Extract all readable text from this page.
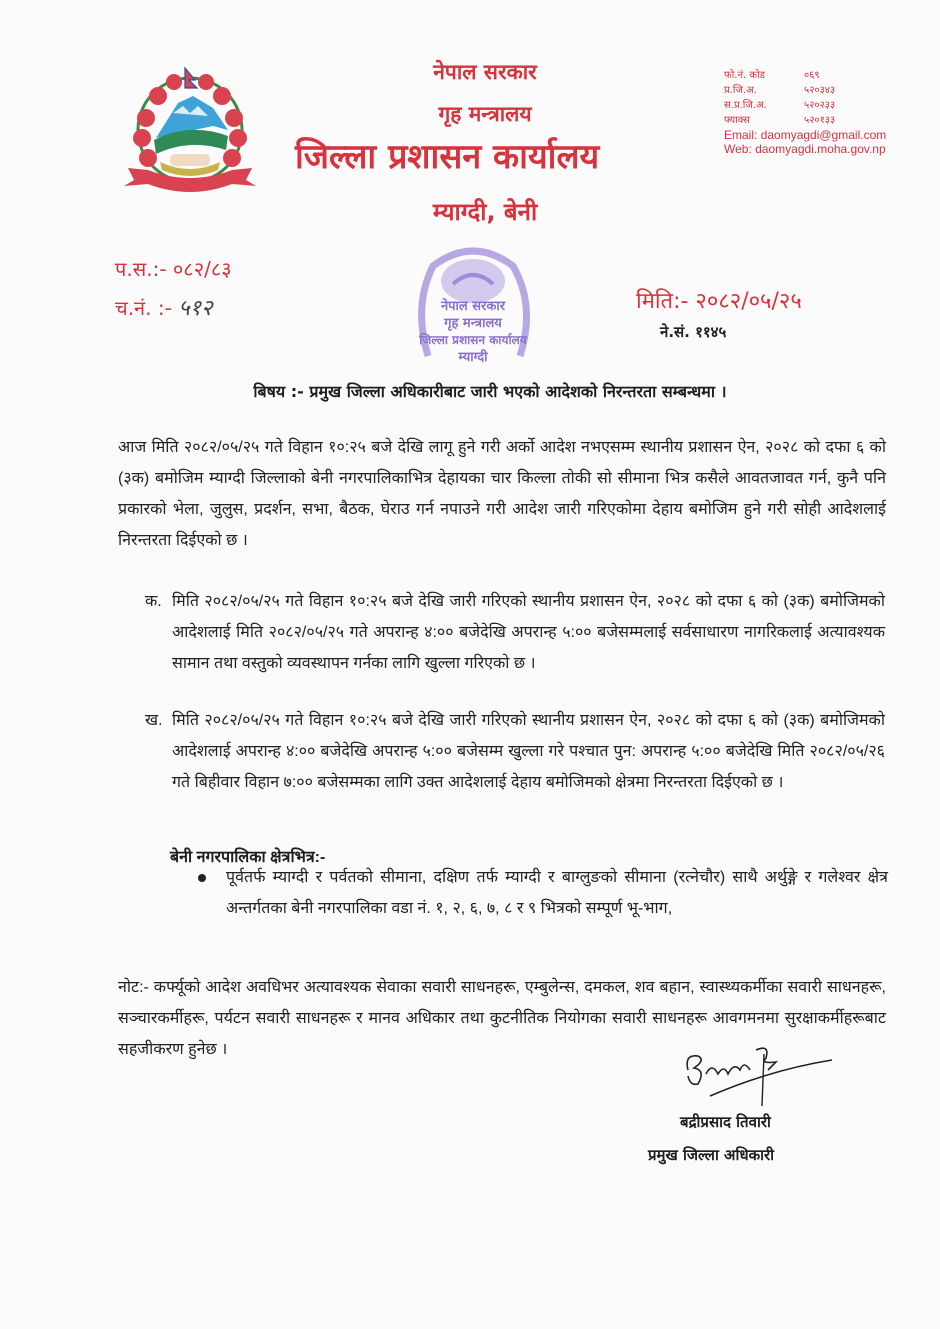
नेपाल सरकार
गृह मन्त्रालय
जिल्ला प्रशासन कार्यालय
म्याग्दी, बेनी
फो.नं. कोड	०६९
प्र.जि.अ.	५२०३४३
स.प्र.जि.अ.	५२०२३३
फ्याक्स	५२०१३३
Email: daomyagdi@gmail.com
Web: daomyagdi.moha.gov.np
प.स.:- ०८२/८३
च.नं. :- ५१२	नेपाल सरकार
गृह मन्त्रालय
जिल्ला प्रशासन कार्यालय
म्याग्दी
मिति:- २०८२/०५/२५
ने.सं. ११४५
बिषय :- प्रमुख जिल्ला अधिकारीबाट जारी भएको आदेशको निरन्तरता सम्बन्धमा ।
आज मिति २०८२/०५/२५ गते विहान १०:२५ बजे देखि लागू हुने गरी अर्को आदेश नभएसम्म स्थानीय प्रशासन ऐन, २०२८ को दफा ६ को (३क) बमोजिम म्याग्दी जिल्लाको बेनी नगरपालिकाभित्र देहायका चार किल्ला तोकी सो सीमाना भित्र कसैले आवतजावत गर्न, कुनै पनि प्रकारको भेला, जुलुस, प्रदर्शन, सभा, बैठक, घेराउ गर्न नपाउने गरी आदेश जारी गरिएकोमा देहाय बमोजिम हुने गरी सोही आदेशलाई निरन्तरता दिईएको छ ।
क. मिति २०८२/०५/२५ गते विहान १०:२५ बजे देखि जारी गरिएको स्थानीय प्रशासन ऐन, २०२८ को दफा ६ को (३क) बमोजिमको आदेशलाई मिति २०८२/०५/२५ गते अपरान्ह ४:०० बजेदेखि अपरान्ह ५:०० बजेसम्मलाई सर्वसाधारण नागरिकलाई अत्यावश्यक सामान तथा वस्तुको व्यवस्थापन गर्नका लागि खुल्ला गरिएको छ ।
ख. मिति २०८२/०५/२५ गते विहान १०:२५ बजे देखि जारी गरिएको स्थानीय प्रशासन ऐन, २०२८ को दफा ६ को (३क) बमोजिमको आदेशलाई अपरान्ह ४:०० बजेदेखि अपरान्ह ५:०० बजेसम्म खुल्ला गरे पश्चात पुन: अपरान्ह ५:०० बजेदेखि मिति २०८२/०५/२६ गते बिहीवार विहान ७:०० बजेसम्मका लागि उक्त आदेशलाई देहाय बमोजिमको क्षेत्रमा निरन्तरता दिईएको छ ।
बेनी नगरपालिका क्षेत्रभित्र:-
पूर्वतर्फ म्याग्दी र पर्वतको सीमाना, दक्षिण तर्फ म्याग्दी र बाग्लुङको सीमाना (रत्नेचौर) साथै अर्थुङ्गे र गलेश्वर क्षेत्र अन्तर्गतका बेनी नगरपालिका वडा नं. १, २, ६, ७, ८ र ९ भित्रको सम्पूर्ण भू-भाग,
नोट:- कर्फ्यूको आदेश अवधिभर अत्यावश्यक सेवाका सवारी साधनहरू, एम्बुलेन्स, दमकल, शव बहान, स्वास्थ्यकर्मीका सवारी साधनहरू, सञ्चारकर्मीहरू, पर्यटन सवारी साधनहरू र मानव अधिकार तथा कुटनीतिक नियोगका सवारी साधनहरू आवगमनमा सुरक्षाकर्मीहरूबाट सहजीकरण हुनेछ ।
बद्रीप्रसाद तिवारी
प्रमुख जिल्ला अधिकारी
